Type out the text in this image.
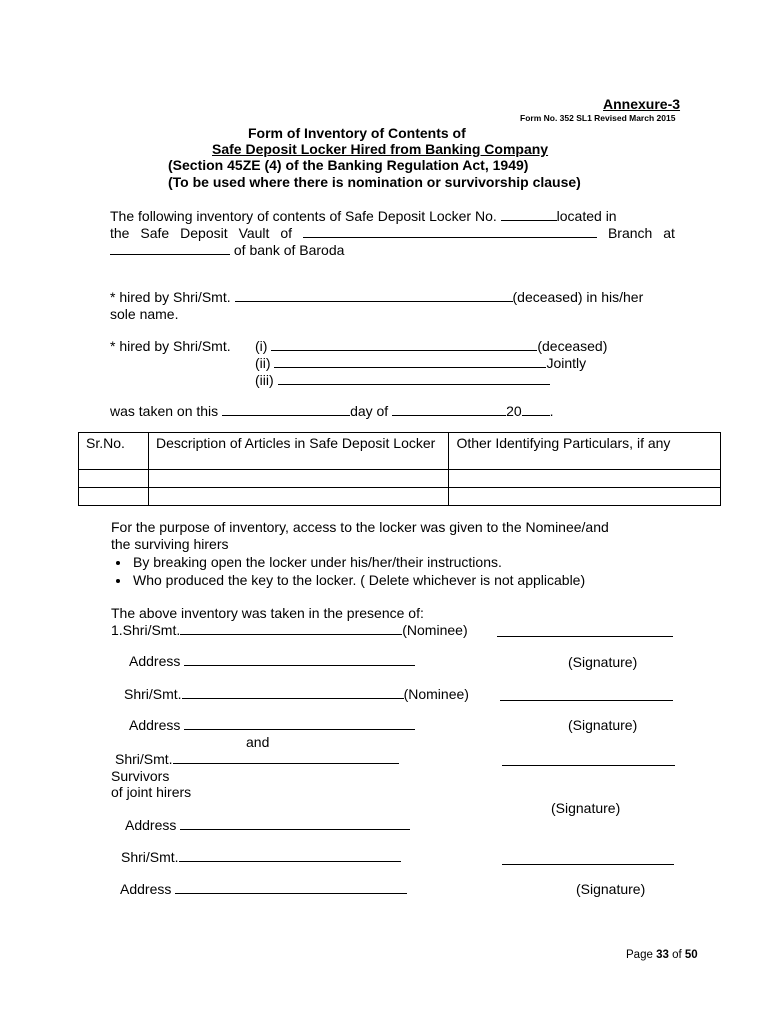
Annexure-3
Form No. 352 SL1 Revised March 2015
Form of Inventory of Contents of
Safe Deposit Locker Hired from Banking Company
(Section 45ZE (4) of the Banking Regulation Act, 1949)
(To be used where there is nomination or survivorship clause)
The following inventory of contents of Safe Deposit Locker No.	located in
the Safe Deposit Vault of	Branch at
of bank of Baroda
* hired by Shri/Smt.	(deceased) in his/her
sole name.
* hired by Shri/Smt. (i)	(deceased)
(ii)	Jointly
(iii)
was taken on this	day of	20 .
Sr.No.	Description of Articles in Safe Deposit Locker	Other Identifying Particulars, if any

For the purpose of inventory, access to the locker was given to the Nominee/and
the surviving hirers
• By breaking open the locker under his/her/their instructions.
• Who produced the key to the locker. ( Delete whichever is not applicable)
The above inventory was taken in the presence of:
1.Shri/Smt.	(Nominee)
Address	(Signature)
Shri/Smt.	(Nominee)
Address	(Signature)
and
Shri/Smt.
Survivors
of joint hirers
(Signature)
Address
Shri/Smt.
Address	(Signature)
Page 33 of 50
